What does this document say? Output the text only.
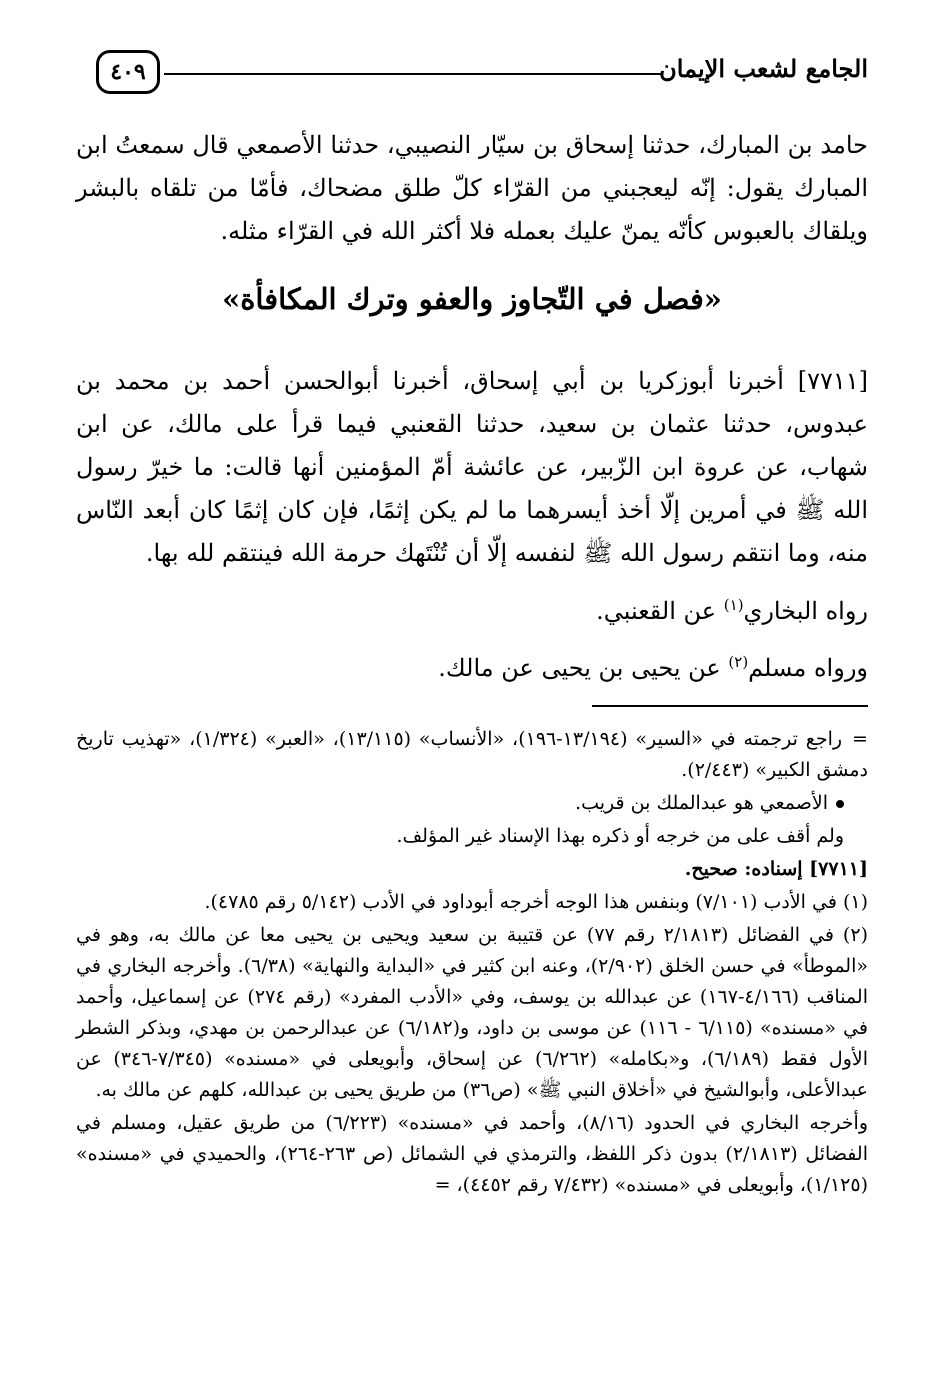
الجامع لشعب الإيمان
٤٠٩
حامد بن المبارك، حدثنا إسحاق بن سيّار النصيبي، حدثنا الأصمعي قال سمعتُ ابن المبارك يقول: إنّه ليعجبني من القرّاء كلّ طلق مضحاك، فأمّا من تلقاه بالبشر ويلقاك بالعبوس كأنّه يمنّ عليك بعمله فلا أكثر الله في القرّاء مثله.
«فصل في التّجاوز والعفو وترك المكافأة»
[٧٧١١] أخبرنا أبوزكريا بن أبي إسحاق، أخبرنا أبوالحسن أحمد بن محمد بن عبدوس، حدثنا عثمان بن سعيد، حدثنا القعنبي فيما قرأ على مالك، عن ابن شهاب، عن عروة ابن الزّبير، عن عائشة أمّ المؤمنين أنها قالت: ما خيرّ رسول الله ﷺ في أمرين إلّا أخذ أيسرهما ما لم يكن إثمًا، فإن كان إثمًا كان أبعد النّاس منه، وما انتقم رسول الله ﷺ لنفسه إلّا أن تُنْتَهك حرمة الله فينتقم لله بها.
رواه البخاري$^{(١)}$ عن القعنبي.
ورواه مسلم$^{(٢)}$ عن يحيى بن يحيى عن مالك.
=راجع ترجمته في «السير» (١٣/١٩٤-١٩٦)، «الأنساب» (١٣/١١٥)، «العبر» (١/٣٢٤)، «تهذيب تاريخ دمشق الكبير» (٢/٤٤٣).
الأصمعي هو عبدالملك بن قريب.
ولم أقف على من خرجه أو ذكره بهذا الإسناد غير المؤلف.
[٧٧١١] إسناده: صحيح.
(١) في الأدب (٧/١٠١) وبنفس هذا الوجه أخرجه أبوداود في الأدب (٥/١٤٢ رقم ٤٧٨٥).
(٢) في الفضائل (٢/١٨١٣ رقم ٧٧) عن قتيبة بن سعيد ويحيى بن يحيى معا عن مالك به، وهو في «الموطأ» في حسن الخلق (٢/٩٠٢)، وعنه ابن كثير في «البداية والنهاية» (٦/٣٨). وأخرجه البخاري في المناقب (٤/١٦٦-١٦٧) عن عبدالله بن يوسف، وفي «الأدب المفرد» (رقم ٢٧٤) عن إسماعيل، وأحمد في «مسنده» (٦/١١٥ - ١١٦) عن موسى بن داود، و(٦/١٨٢) عن عبدالرحمن بن مهدي، وبذكر الشطر الأول فقط (٦/١٨٩)، و«بكامله» (٦/٢٦٢) عن إسحاق، وأبويعلى في «مسنده» (٧/٣٤٥-٣٤٦) عن عبدالأعلى، وأبوالشيخ في «أخلاق النبي ﷺ» (ص٣٦) من طريق يحيى بن عبدالله، كلهم عن مالك به.
وأخرجه البخاري في الحدود (٨/١٦)، وأحمد في «مسنده» (٦/٢٢٣) من طريق عقيل، ومسلم في الفضائل (٢/١٨١٣) بدون ذكر اللفظ، والترمذي في الشمائل (ص ٢٦٣-٢٦٤)، والحميدي في «مسنده» (١/١٢٥)، وأبويعلى في «مسنده» (٧/٤٣٢ رقم ٤٤٥٢)، =
